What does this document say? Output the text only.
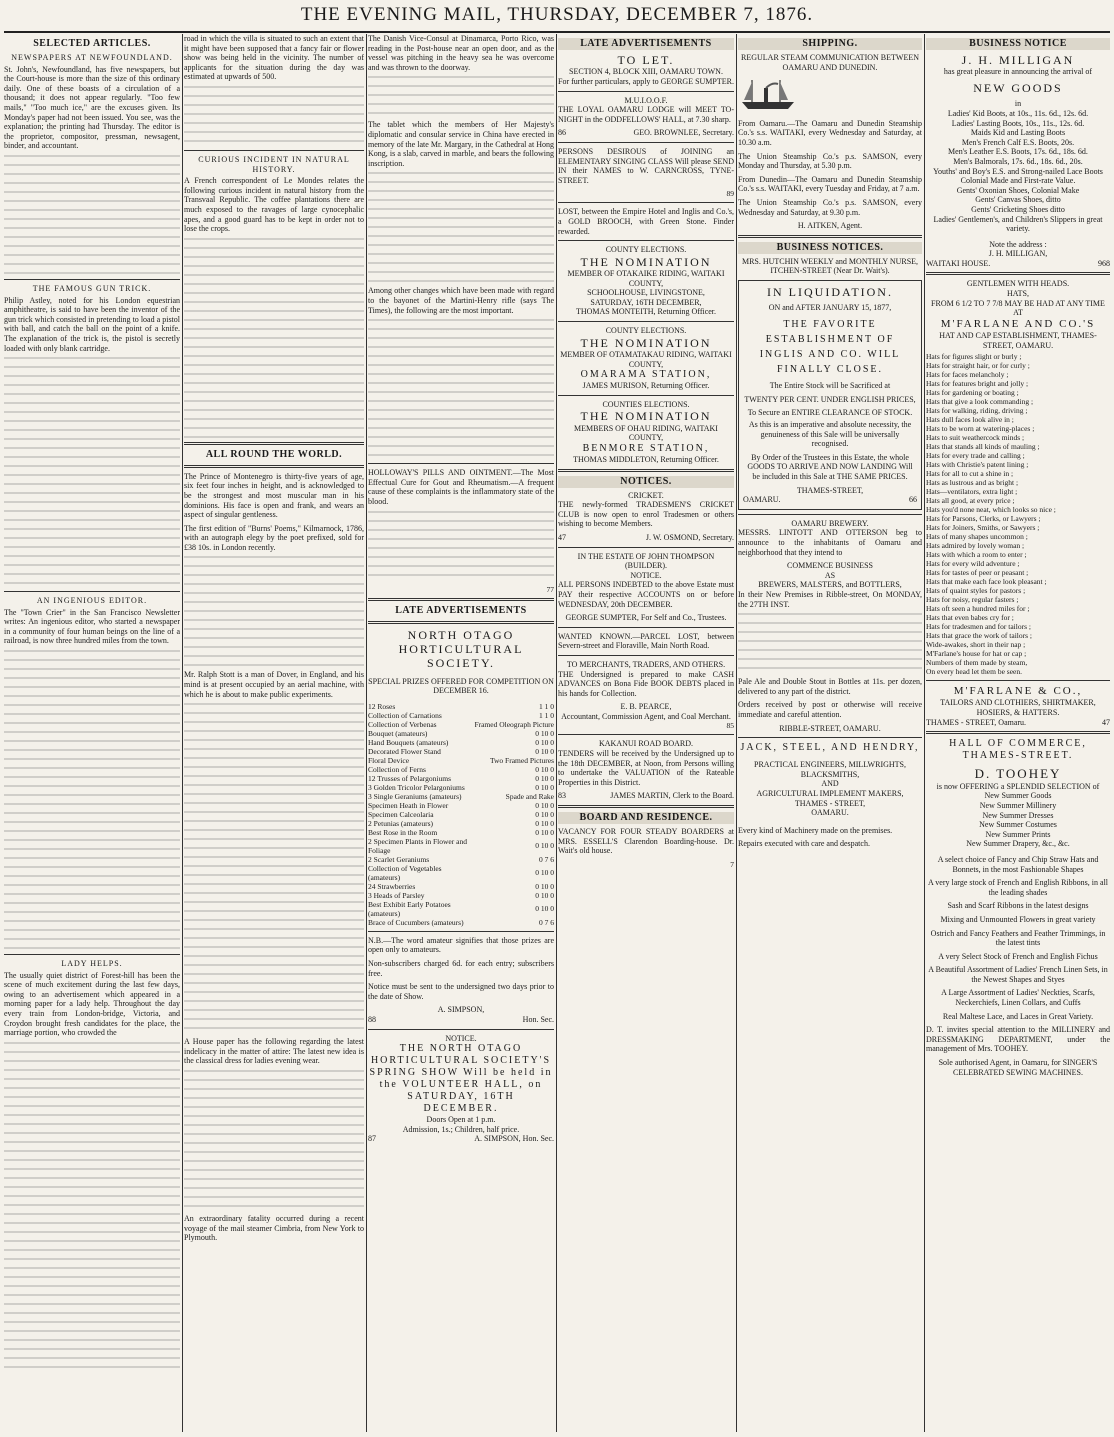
THE EVENING MAIL, THURSDAY, DECEMBER 7, 1876.
SELECTED ARTICLES.
NEWSPAPERS AT NEWFOUNDLAND.

St. John's, Newfoundland, has five newspapers, but the Court-house is more than the size of this ordinary daily. One of these boasts of a circulation of a thousand; it does not appear regularly. "Too few mails," "Too much ice," are the excuses given. Its Monday's paper had not been issued. You see, was the explanation; the printing had Thursday. The editor is the proprietor, compositor, pressman, newsagent, binder, and accountant.

THE FAMOUS GUN TRICK.

Philip Astley, noted for his London equestrian amphitheatre, is said to have been the inventor of the gun trick which consisted in pretending to load a pistol with ball, and catch the ball on the point of a knife. The explanation of the trick is, the pistol is secretly loaded with only blank cartridge.

AN INGENIOUS EDITOR.

The "Town Crier" in the San Francisco Newsletter writes: An ingenious editor, who started a newspaper in a community of four human beings on the line of a railroad, is now three hundred miles from the town.

LADY HELPS.

The usually quiet district of Forest-hill has been the scene of much excitement during the last few days, owing to an advertisement which appeared in a morning paper for a lady help. Throughout the day every train from London-bridge, Victoria, and Croydon brought fresh candidates for the place, the marriage portion, who crowded the

road in which the villa is situated to such an extent that it might have been supposed that a fancy fair or flower show was being held in the vicinity. The number of applicants for the situation during the day was estimated at upwards of 500.

CURIOUS INCIDENT IN NATURAL HISTORY.

A French correspondent of Le Mondes relates the following curious incident in natural history from the Transvaal Republic. The coffee plantations there are much exposed to the ravages of large cynocephalic apes, and a good guard has to be kept in order not to lose the crops.

ALL ROUND THE WORLD.

The Prince of Montenegro is thirty-five years of age, six feet four inches in height, and is acknowledged to be the strongest and most muscular man in his dominions. His face is open and frank, and wears an aspect of singular gentleness.

The first edition of "Burns' Poems," Kilmarnock, 1786, with an autograph elegy by the poet prefixed, sold for £38 10s. in London recently.

Mr. Ralph Stott is a man of Dover, in England, and his mind is at present occupied by an aerial machine, with which he is about to make public experiments.

A House paper has the following regarding the latest indelicacy in the matter of attire: The latest new idea is the classical dress for ladies evening wear.

An extraordinary fatality occurred during a recent voyage of the mail steamer Cimbria, from New York to Plymouth.

The Danish Vice-Consul at Dinamarca, Porto Rico, was reading in the Post-house near an open door, and as the vessel was pitching in the heavy sea he was overcome and was thrown to the doorway.

The tablet which the members of Her Majesty's diplomatic and consular service in China have erected in memory of the late Mr. Margary, in the Cathedral at Hong Kong, is a slab, carved in marble, and bears the following inscription.

Among other changes which have been made with regard to the bayonet of the Martini-Henry rifle (says The Times), the following are the most important.

HOLLOWAY'S PILLS AND OINTMENT.—The Most Effectual Cure for Gout and Rheumatism.—A frequent cause of these complaints is the inflammatory state of the blood.

77
LATE ADVERTISEMENTS
NORTH OTAGO HORTICULTURAL SOCIETY.
SPECIAL PRIZES OFFERED FOR COMPETITION ON DECEMBER 16.
12 Roses	1 1 0
Collection of Carnations	1 1 0
Collection of Verbenas	Framed Oleograph Picture
Bouquet (amateurs)	0 10 0
Hand Bouquets (amateurs)	0 10 0
Decorated Flower Stand	0 10 0
Floral Device	Two Framed Pictures
Collection of Ferns	0 10 0
12 Trusses of Pelargoniums	0 10 0
3 Golden Tricolor Pelargoniums	0 10 0
3 Single Geraniums (amateurs)	Spade and Rake
Specimen Heath in Flower	0 10 0
Specimen Calceolaria	0 10 0
2 Petunias (amateurs)	0 10 0
Best Rose in the Room	0 10 0
2 Specimen Plants in Flower and Foliage	0 10 0
2 Scarlet Geraniums	0 7 6
Collection of Vegetables (amateurs)	0 10 0
24 Strawberries	0 10 0
3 Heads of Parsley	0 10 0
Best Exhibit Early Potatoes (amateurs)	0 10 0
Brace of Cucumbers (amateurs)	0 7 6

N.B.—The word amateur signifies that those prizes are open only to amateurs.

Non-subscribers charged 6d. for each entry; subscribers free.

Notice must be sent to the undersigned two days prior to the date of Show.

A. SIMPSON,
88	Hon. Sec.
NOTICE.
THE NORTH OTAGO HORTICULTURAL SOCIETY'S SPRING SHOW Will be held in the VOLUNTEER HALL, on SATURDAY, 16TH DECEMBER.
Doors Open at 1 p.m.
Admission, 1s.; Children, half price.
87	A. SIMPSON, Hon. Sec.
LATE ADVERTISEMENTS
TO LET.
SECTION 4, BLOCK XIII, OAMARU TOWN.
For further particulars, apply to GEORGE SUMPTER.
M.U.I.O.O.F.

THE LOYAL OAMARU LODGE will MEET TO-NIGHT in the ODDFELLOWS' HALL, at 7.30 sharp.

86	GEO. BROWNLEE, Secretary.

PERSONS DESIROUS of JOINING an ELEMENTARY SINGING CLASS Will please SEND IN their NAMES to W. CARNCROSS, TYNE-STREET.

89

LOST, between the Empire Hotel and Inglis and Co.'s, a GOLD BROOCH, with Green Stone. Finder rewarded.

COUNTY ELECTIONS.
THE NOMINATION
MEMBER OF OTAKAIKE RIDING, WAITAKI COUNTY,
SCHOOLHOUSE, LIVINGSTONE,
SATURDAY, 16TH DECEMBER,
THOMAS MONTEITH, Returning Officer.
COUNTY ELECTIONS.
THE NOMINATION
MEMBER OF OTAMATAKAU RIDING, WAITAKI COUNTY,
OMARAMA STATION,
JAMES MURISON, Returning Officer.
COUNTIES ELECTIONS.
THE NOMINATION
MEMBERS OF OHAU RIDING, WAITAKI COUNTY,
BENMORE STATION,
THOMAS MIDDLETON, Returning Officer.
NOTICES.
CRICKET.

THE newly-formed TRADESMEN'S CRICKET CLUB is now open to enrol Tradesmen or others wishing to become Members.

47	J. W. OSMOND, Secretary.
IN THE ESTATE OF JOHN THOMPSON (BUILDER).
NOTICE.

ALL PERSONS INDEBTED to the above Estate must PAY their respective ACCOUNTS on or before WEDNESDAY, 20th DECEMBER.

GEORGE SUMPTER, For Self and Co., Trustees.

WANTED KNOWN.—PARCEL LOST, between Severn-street and Floraville, Main North Road.

TO MERCHANTS, TRADERS, AND OTHERS.

THE Undersigned is prepared to make CASH ADVANCES on Bona Fide BOOK DEBTS placed in his hands for Collection.

E. B. PEARCE,
Accountant, Commission Agent, and Coal Merchant.
85
KAKANUI ROAD BOARD.

TENDERS will be received by the Undersigned up to the 18th DECEMBER, at Noon, from Persons willing to undertake the VALUATION of the Rateable Properties in this District.

83	JAMES MARTIN, Clerk to the Board.
BOARD AND RESIDENCE.

VACANCY FOR FOUR STEADY BOARDERS at MRS. ESSELL'S Clarendon Boarding-house. Dr. Wait's old house.

7
SHIPPING.
REGULAR STEAM COMMUNICATION BETWEEN OAMARU AND DUNEDIN.

From Oamaru.—The Oamaru and Dunedin Steamship Co.'s s.s. WAITAKI, every Wednesday and Saturday, at 10.30 a.m.

The Union Steamship Co.'s p.s. SAMSON, every Monday and Thursday, at 5.30 p.m.

From Dunedin—The Oamaru and Dunedin Steamship Co.'s s.s. WAITAKI, every Tuesday and Friday, at 7 a.m.

The Union Steamship Co.'s p.s. SAMSON, every Wednesday and Saturday, at 9.30 p.m.

H. AITKEN, Agent.
BUSINESS NOTICES.
MRS. HUTCHIN WEEKLY and MONTHLY NURSE, ITCHEN-STREET (Near Dr. Wait's).
IN LIQUIDATION.
ON and AFTER JANUARY 15, 1877,
THE FAVORITE ESTABLISHMENT OF INGLIS AND CO. WILL FINALLY CLOSE.
The Entire Stock will be Sacrificed at
TWENTY PER CENT. UNDER ENGLISH PRICES,
To Secure an ENTIRE CLEARANCE OF STOCK.

As this is an imperative and absolute necessity, the genuineness of this Sale will be universally recognised.

By Order of the Trustees in this Estate, the whole GOODS TO ARRIVE AND NOW LANDING Will be included in this Sale at THE SAME PRICES.

THAMES-STREET,
OAMARU.	66
OAMARU BREWERY.

MESSRS. LINTOTT AND OTTERSON beg to announce to the inhabitants of Oamaru and neighborhood that they intend to

COMMENCE BUSINESS
AS
BREWERS, MALSTERS, and BOTTLERS,

In their New Premises in Ribble-street, On MONDAY, the 27TH INST.

Pale Ale and Double Stout in Bottles at 11s. per dozen, delivered to any part of the district.

Orders received by post or otherwise will receive immediate and careful attention.

RIBBLE-STREET, OAMARU.
JACK, STEEL, AND HENDRY,
PRACTICAL ENGINEERS, MILLWRIGHTS, BLACKSMITHS,
AND
AGRICULTURAL IMPLEMENT MAKERS,
THAMES - STREET,
OAMARU.

Every kind of Machinery made on the premises.

Repairs executed with care and despatch.

BUSINESS NOTICE
J. H. MILLIGAN
has great pleasure in announcing the arrival of
NEW GOODS
in
Ladies' Kid Boots, at 10s., 11s. 6d., 12s. 6d.
Ladies' Lasting Boots, 10s., 11s., 12s. 6d.
Maids Kid and Lasting Boots
Men's French Calf E.S. Boots, 20s.
Men's Leather E.S. Boots, 17s. 6d., 18s. 6d.
Men's Balmorals, 17s. 6d., 18s. 6d., 20s.
Youths' and Boy's E.S. and Strong-nailed Lace Boots
Colonial Made and First-rate Value.
Gents' Oxonian Shoes, Colonial Make
Gents' Canvas Shoes, ditto
Gents' Cricketing Shoes ditto
Ladies' Gentlemen's, and Children's Slippers in great variety.
Note the address :
J. H. MILLIGAN,
WAITAKI HOUSE.	968
GENTLEMEN WITH HEADS.
HATS,
FROM 6 1/2 TO 7 7/8 MAY BE HAD AT ANY TIME AT
M'FARLANE AND CO.'S
HAT AND CAP ESTABLISHMENT, THAMES-STREET, OAMARU.
Hats for figures slight or burly ;
Hats for straight hair, or for curly ;
Hats for faces melancholy ;
Hats for features bright and jolly ;
Hats for gardening or boating ;
Hats that give a look commanding ;
Hats for walking, riding, driving ;
Hats dull faces look alive in ;
Hats to be worn at watering-places ;
Hats to suit weathercock minds ;
Hats that stands all kinds of mauling ;
Hats for every trade and calling ;
Hats with Christie's patent lining ;
Hats for all to cut a shine in ;
Hats as lustrous and as bright ;
Hats—ventilators, extra light ;
Hats all good, at every price ;
Hats you'd none neat, which looks so nice ;
Hats for Parsons, Clerks, or Lawyers ;
Hats for Joiners, Smiths, or Sawyers ;
Hats of many shapes uncommon ;
Hats admired by lovely woman ;
Hats with which a room to enter ;
Hats for every wild adventure ;
Hats for tastes of peer or peasant ;
Hats that make each face look pleasant ;
Hats of quaint styles for pastors ;
Hats for noisy, regular fasters ;
Hats oft seen a hundred miles for ;
Hats that even babes cry for ;
Hats for tradesmen and for tailors ;
Hats that grace the work of tailors ;
Wide-awakes, short in their nap ;
M'Farlane's house for hat or cap ;
Numbers of them made by steam,
On every head let them be seen.
M'FARLANE & CO.,
TAILORS AND CLOTHIERS, SHIRTMAKER, HOSIERS, & HATTERS.
THAMES - STREET, Oamaru.	47
HALL OF COMMERCE, THAMES-STREET.
D. TOOHEY
is now OFFERING a SPLENDID SELECTION of
New Summer Goods
New Summer Millinery
New Summer Dresses
New Summer Costumes
New Summer Prints
New Summer Drapery, &c., &c.

A select choice of Fancy and Chip Straw Hats and Bonnets, in the most Fashionable Shapes

A very large stock of French and English Ribbons, in all the leading shades

Sash and Scarf Ribbons in the latest designs

Mixing and Unmounted Flowers in great variety

Ostrich and Fancy Feathers and Feather Trimmings, in the latest tints

A very Select Stock of French and English Fichus

A Beautiful Assortment of Ladies' French Linen Sets, in the Newest Shapes and Styes

A Large Assortment of Ladies' Neckties, Scarfs, Neckerchiefs, Linen Collars, and Cuffs

Real Maltese Lace, and Laces in Great Variety.

D. T. invites special attention to the MILLINERY and DRESSMAKING DEPARTMENT, under the management of Mrs. TOOHEY.

Sole authorised Agent, in Oamaru, for SINGER'S CELEBRATED SEWING MACHINES.
